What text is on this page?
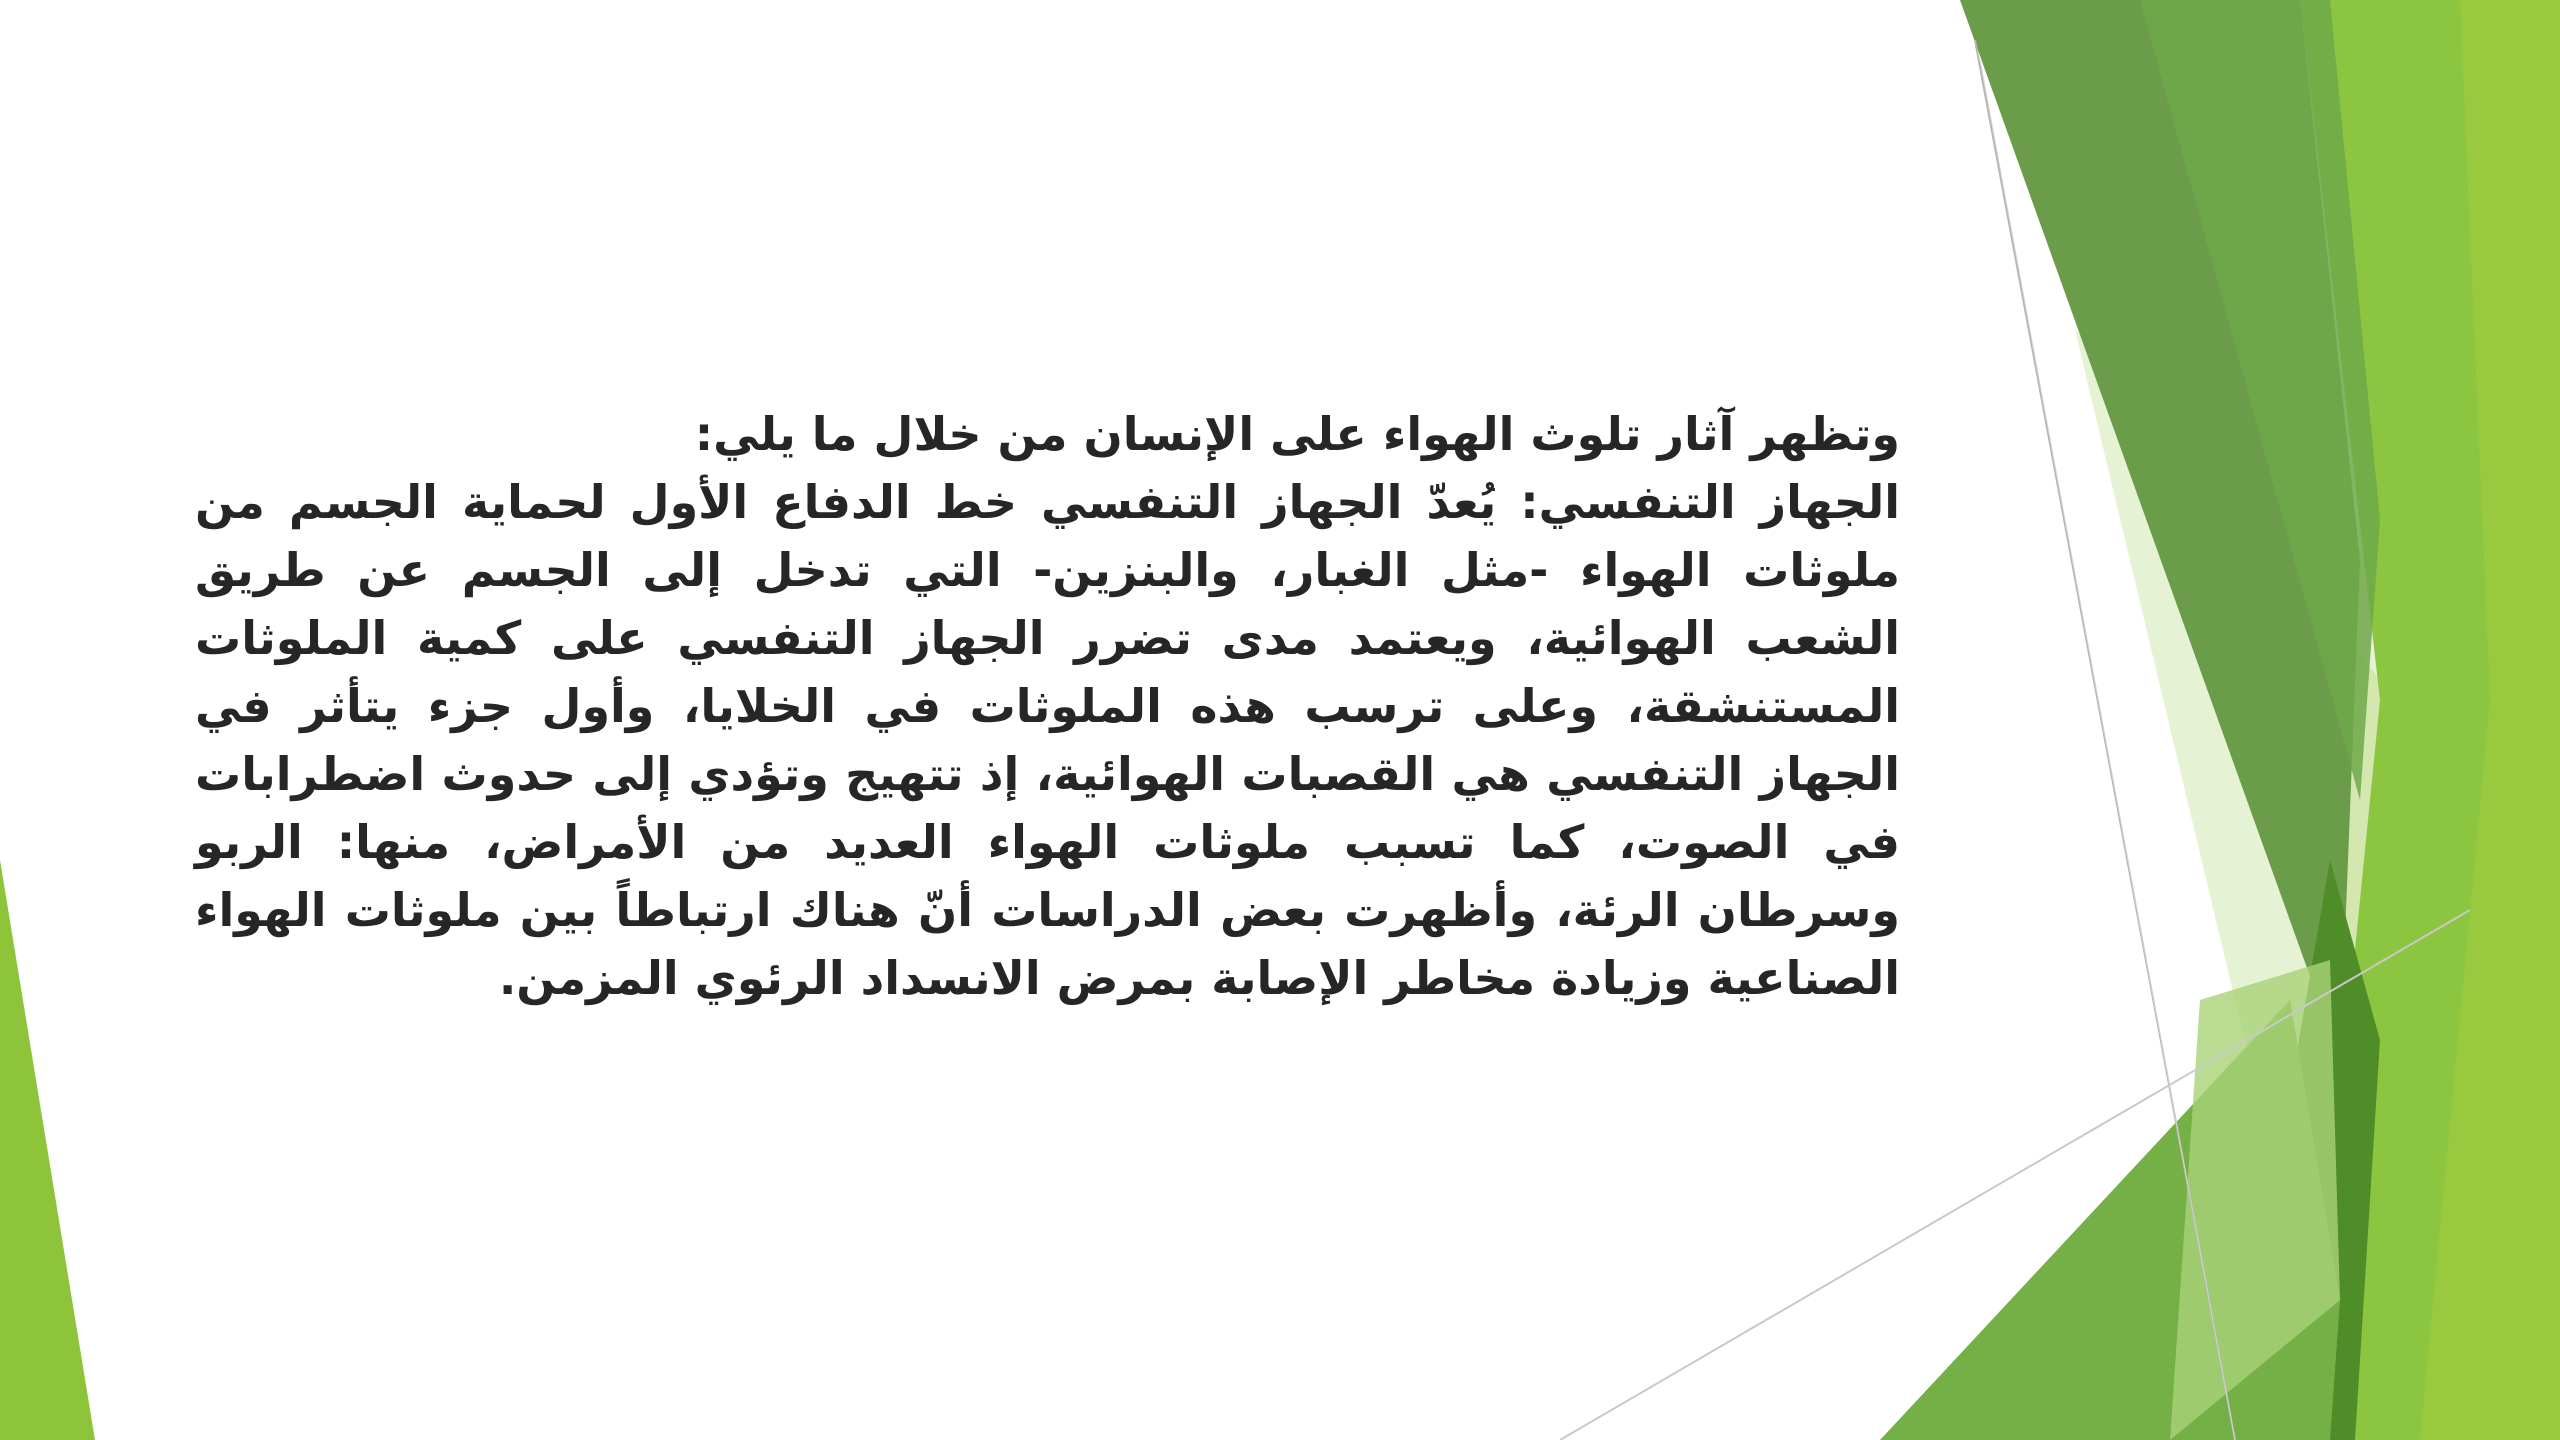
وتظهر آثار تلوث الهواء على الإنسان من خلال ما يلي:

الجهاز التنفسي: يُعدّ الجهاز التنفسي خط الدفاع الأول لحماية الجسم من ملوثات الهواء -مثل الغبار، والبنزين- التي تدخل إلى الجسم عن طريق الشعب الهوائية، ويعتمد مدى تضرر الجهاز التنفسي على كمية الملوثات المستنشقة، وعلى ترسب هذه الملوثات في الخلايا، وأول جزء يتأثر في الجهاز التنفسي هي القصبات الهوائية، إذ تتهيج وتؤدي إلى حدوث اضطرابات في الصوت، كما تسبب ملوثات الهواء العديد من الأمراض، منها: الربو وسرطان الرئة، وأظهرت بعض الدراسات أنّ هناك ارتباطاً بين ملوثات الهواء الصناعية وزيادة مخاطر الإصابة بمرض الانسداد الرئوي المزمن.
